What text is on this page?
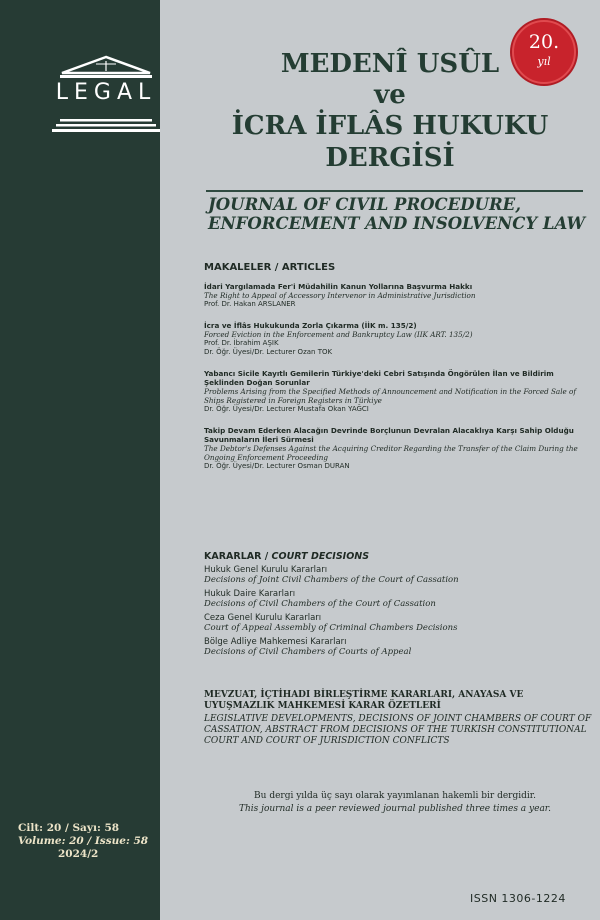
LEGAL
Cilt: 20 / Sayı: 58
Volume: 20 / Issue: 58
2024/2
20.
yıl
MEDENÎ USÛL
ve
İCRA İFLÂS HUKUKU
DERGİSİ
JOURNAL OF CIVIL PROCEDURE,
ENFORCEMENT AND INSOLVENCY LAW
MAKALELER / ARTICLES
İdari Yargılamada Fer'i Müdahilin Kanun Yollarına Başvurma Hakkı
The Right to Appeal of Accessory Intervenor in Administrative Jurisdiction
Prof. Dr. Hakan ARSLANER
İcra ve İflâs Hukukunda Zorla Çıkarma (İİK m. 135/2)
Forced Eviction in the Enforcement and Bankruptcy Law (IIK ART. 135/2)
Prof. Dr. İbrahim AŞIK
Dr. Öğr. Üyesi/Dr. Lecturer Ozan TOK
Yabancı Sicile Kayıtlı Gemilerin Türkiye'deki Cebri Satışında Öngörülen İlan ve Bildirim Şeklinden Doğan Sorunlar
Problems Arising from the Specified Methods of Announcement and Notification in the Forced Sale of Ships Registered in Foreign Registers in Türkiye
Dr. Öğr. Üyesi/Dr. Lecturer Mustafa Okan YAĞCI
Takip Devam Ederken Alacağın Devrinde Borçlunun Devralan Alacaklıya Karşı Sahip Olduğu Savunmaların İleri Sürmesi
The Debtor's Defenses Against the Acquiring Creditor Regarding the Transfer of the Claim During the Ongoing Enforcement Proceeding
Dr. Öğr. Üyesi/Dr. Lecturer Osman DURAN
KARARLAR / COURT DECISIONS
Hukuk Genel Kurulu Kararları
Decisions of Joint Civil Chambers of the Court of Cassation
Hukuk Daire Kararları
Decisions of Civil Chambers of the Court of Cassation
Ceza Genel Kurulu Kararları
Court of Appeal Assembly of Criminal Chambers Decisions
Bölge Adliye Mahkemesi Kararları
Decisions of Civil Chambers of Courts of Appeal
MEVZUAT, İÇTİHADI BİRLEŞTİRME KARARLARI, ANAYASA VE UYUŞMAZLIK MAHKEMESİ KARAR ÖZETLERİ
LEGISLATIVE DEVELOPMENTS, DECISIONS OF JOINT CHAMBERS OF COURT OF CASSATION, ABSTRACT FROM DECISIONS OF THE TURKISH CONSTITUTIONAL COURT AND COURT OF JURISDICTION CONFLICTS
Bu dergi yılda üç sayı olarak yayımlanan hakemli bir dergidir.
This journal is a peer reviewed journal published three times a year.
ISSN 1306-1224
